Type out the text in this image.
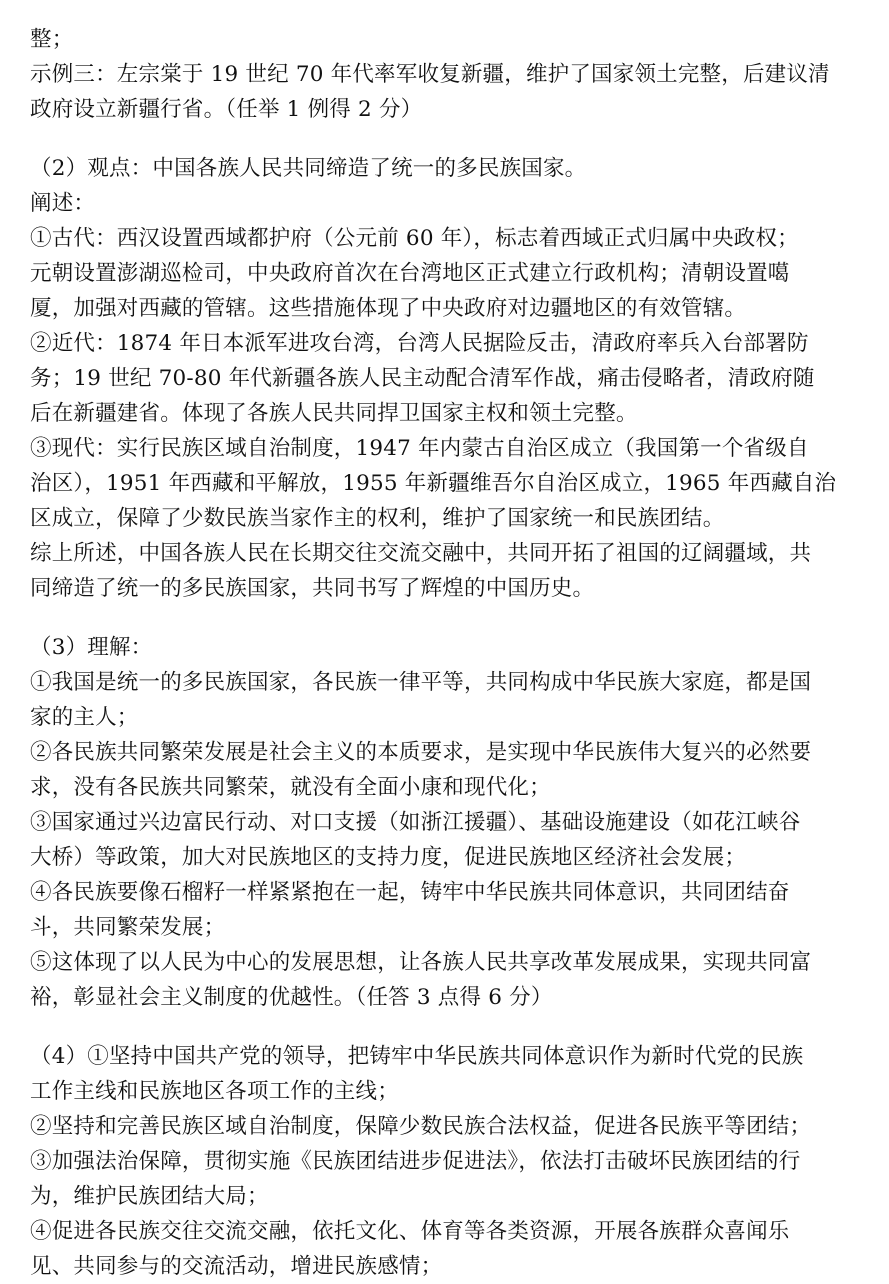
整；
示例三：左宗棠于 19 世纪 70 年代率军收复新疆，维护了国家领土完整，后建议清
政府设立新疆行省。（任举 1 例得 2 分）
（2）观点：中国各族人民共同缔造了统一的多民族国家。
阐述：
①古代：西汉设置西域都护府（公元前 60 年），标志着西域正式归属中央政权；
元朝设置澎湖巡检司，中央政府首次在台湾地区正式建立行政机构；清朝设置噶
厦，加强对西藏的管辖。这些措施体现了中央政府对边疆地区的有效管辖。
②近代：1874 年日本派军进攻台湾，台湾人民据险反击，清政府率兵入台部署防
务；19 世纪 70-80 年代新疆各族人民主动配合清军作战，痛击侵略者，清政府随
后在新疆建省。体现了各族人民共同捍卫国家主权和领土完整。
③现代：实行民族区域自治制度，1947 年内蒙古自治区成立（我国第一个省级自
治区），1951 年西藏和平解放，1955 年新疆维吾尔自治区成立，1965 年西藏自治
区成立，保障了少数民族当家作主的权利，维护了国家统一和民族团结。
综上所述，中国各族人民在长期交往交流交融中，共同开拓了祖国的辽阔疆域，共
同缔造了统一的多民族国家，共同书写了辉煌的中国历史。
（3）理解：
①我国是统一的多民族国家，各民族一律平等，共同构成中华民族大家庭，都是国
家的主人；
②各民族共同繁荣发展是社会主义的本质要求，是实现中华民族伟大复兴的必然要
求，没有各民族共同繁荣，就没有全面小康和现代化；
③国家通过兴边富民行动、对口支援（如浙江援疆）、基础设施建设（如花江峡谷
大桥）等政策，加大对民族地区的支持力度，促进民族地区经济社会发展；
④各民族要像石榴籽一样紧紧抱在一起，铸牢中华民族共同体意识，共同团结奋
斗，共同繁荣发展；
⑤这体现了以人民为中心的发展思想，让各族人民共享改革发展成果，实现共同富
裕，彰显社会主义制度的优越性。（任答 3 点得 6 分）
（4）①坚持中国共产党的领导，把铸牢中华民族共同体意识作为新时代党的民族
工作主线和民族地区各项工作的主线；
②坚持和完善民族区域自治制度，保障少数民族合法权益，促进各民族平等团结；
③加强法治保障，贯彻实施《民族团结进步促进法》，依法打击破坏民族团结的行
为，维护民族团结大局；
④促进各民族交往交流交融，依托文化、体育等各类资源，开展各族群众喜闻乐
见、共同参与的交流活动，增进民族感情；
